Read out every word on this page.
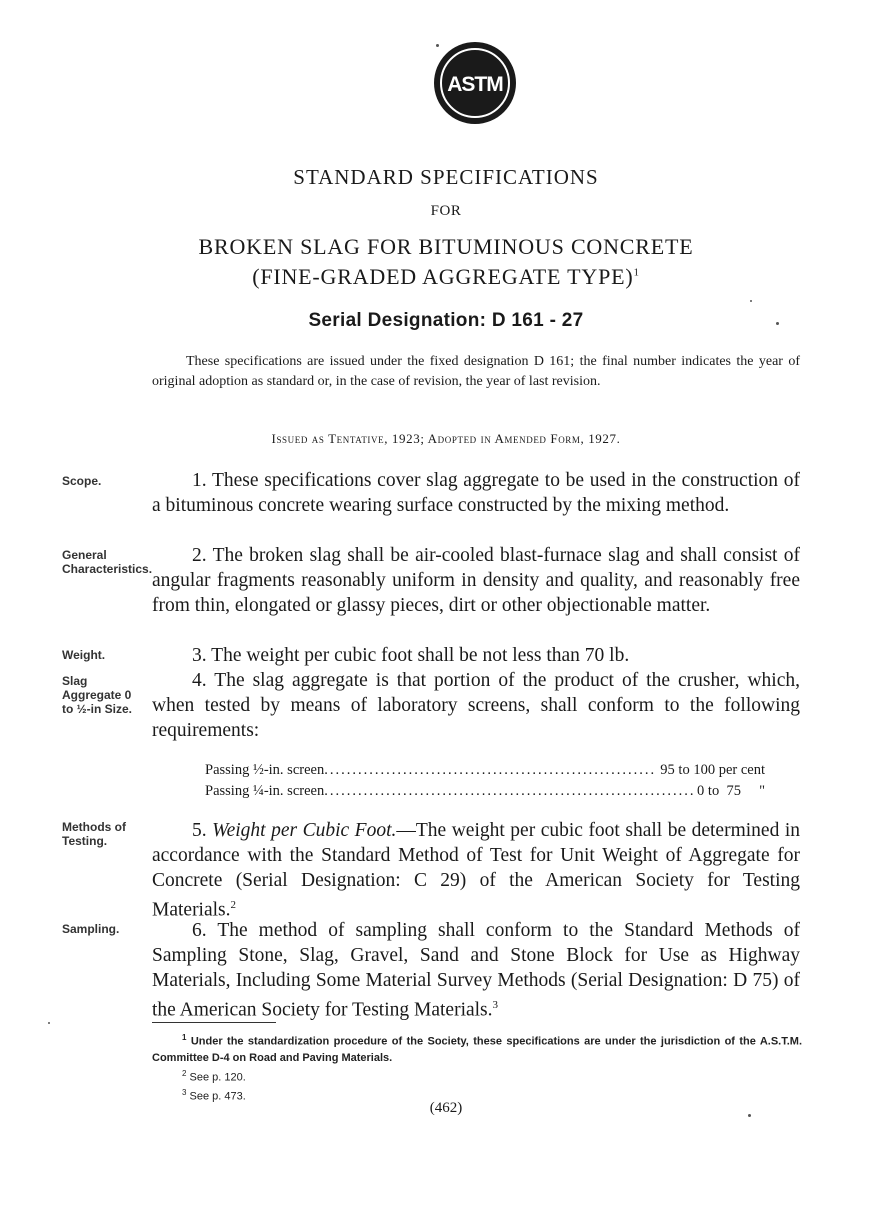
ASTM
STANDARD SPECIFICATIONS
FOR
BROKEN SLAG FOR BITUMINOUS CONCRETE
(FINE-GRADED AGGREGATE TYPE)$^1$
Serial Designation: D 161 - 27
These specifications are issued under the fixed designation D 161; the final number indicates the year of original adoption as standard or, in the case of revision, the year of last revision.
Issued as Tentative, 1923; Adopted in Amended Form, 1927.
Scope.	1. These specifications cover slag aggregate to be used in the construction of a bituminous concrete wearing surface constructed by the mixing method.
General Characteristics.
2. The broken slag shall be air-cooled blast-furnace slag and shall consist of angular fragments reasonably uniform in density and quality, and reasonably free from thin, elongated or glassy pieces, dirt or other objectionable matter.
Weight.	3. The weight per cubic foot shall be not less than 70 lb.
Slag Aggregate 0 to ½-in Size.
4. The slag aggregate is that portion of the product of the crusher, which, when tested by means of laboratory screens, shall conform to the following requirements:
Passing ½-in. screen .....	95 to 100 per cent
Passing ¼-in. screen .....	0 to  75     "
Methods of Testing.	5. Weight per Cubic Foot.—The weight per cubic foot shall be determined in accordance with the Standard Method of Test for Unit Weight of Aggregate for Concrete (Serial Designation: C 29) of the American Society for Testing Materials.$^2$
Sampling.	6. The method of sampling shall conform to the Standard Methods of Sampling Stone, Slag, Gravel, Sand and Stone Block for Use as Highway Materials, Including Some Material Survey Methods (Serial Designation: D 75) of the American Society for Testing Materials.$^3$
$^1$ Under the standardization procedure of the Society, these specifications are under the jurisdiction of the A.S.T.M. Committee D-4 on Road and Paving Materials.
$^2$ See p. 120.
$^3$ See p. 473.
(462)
